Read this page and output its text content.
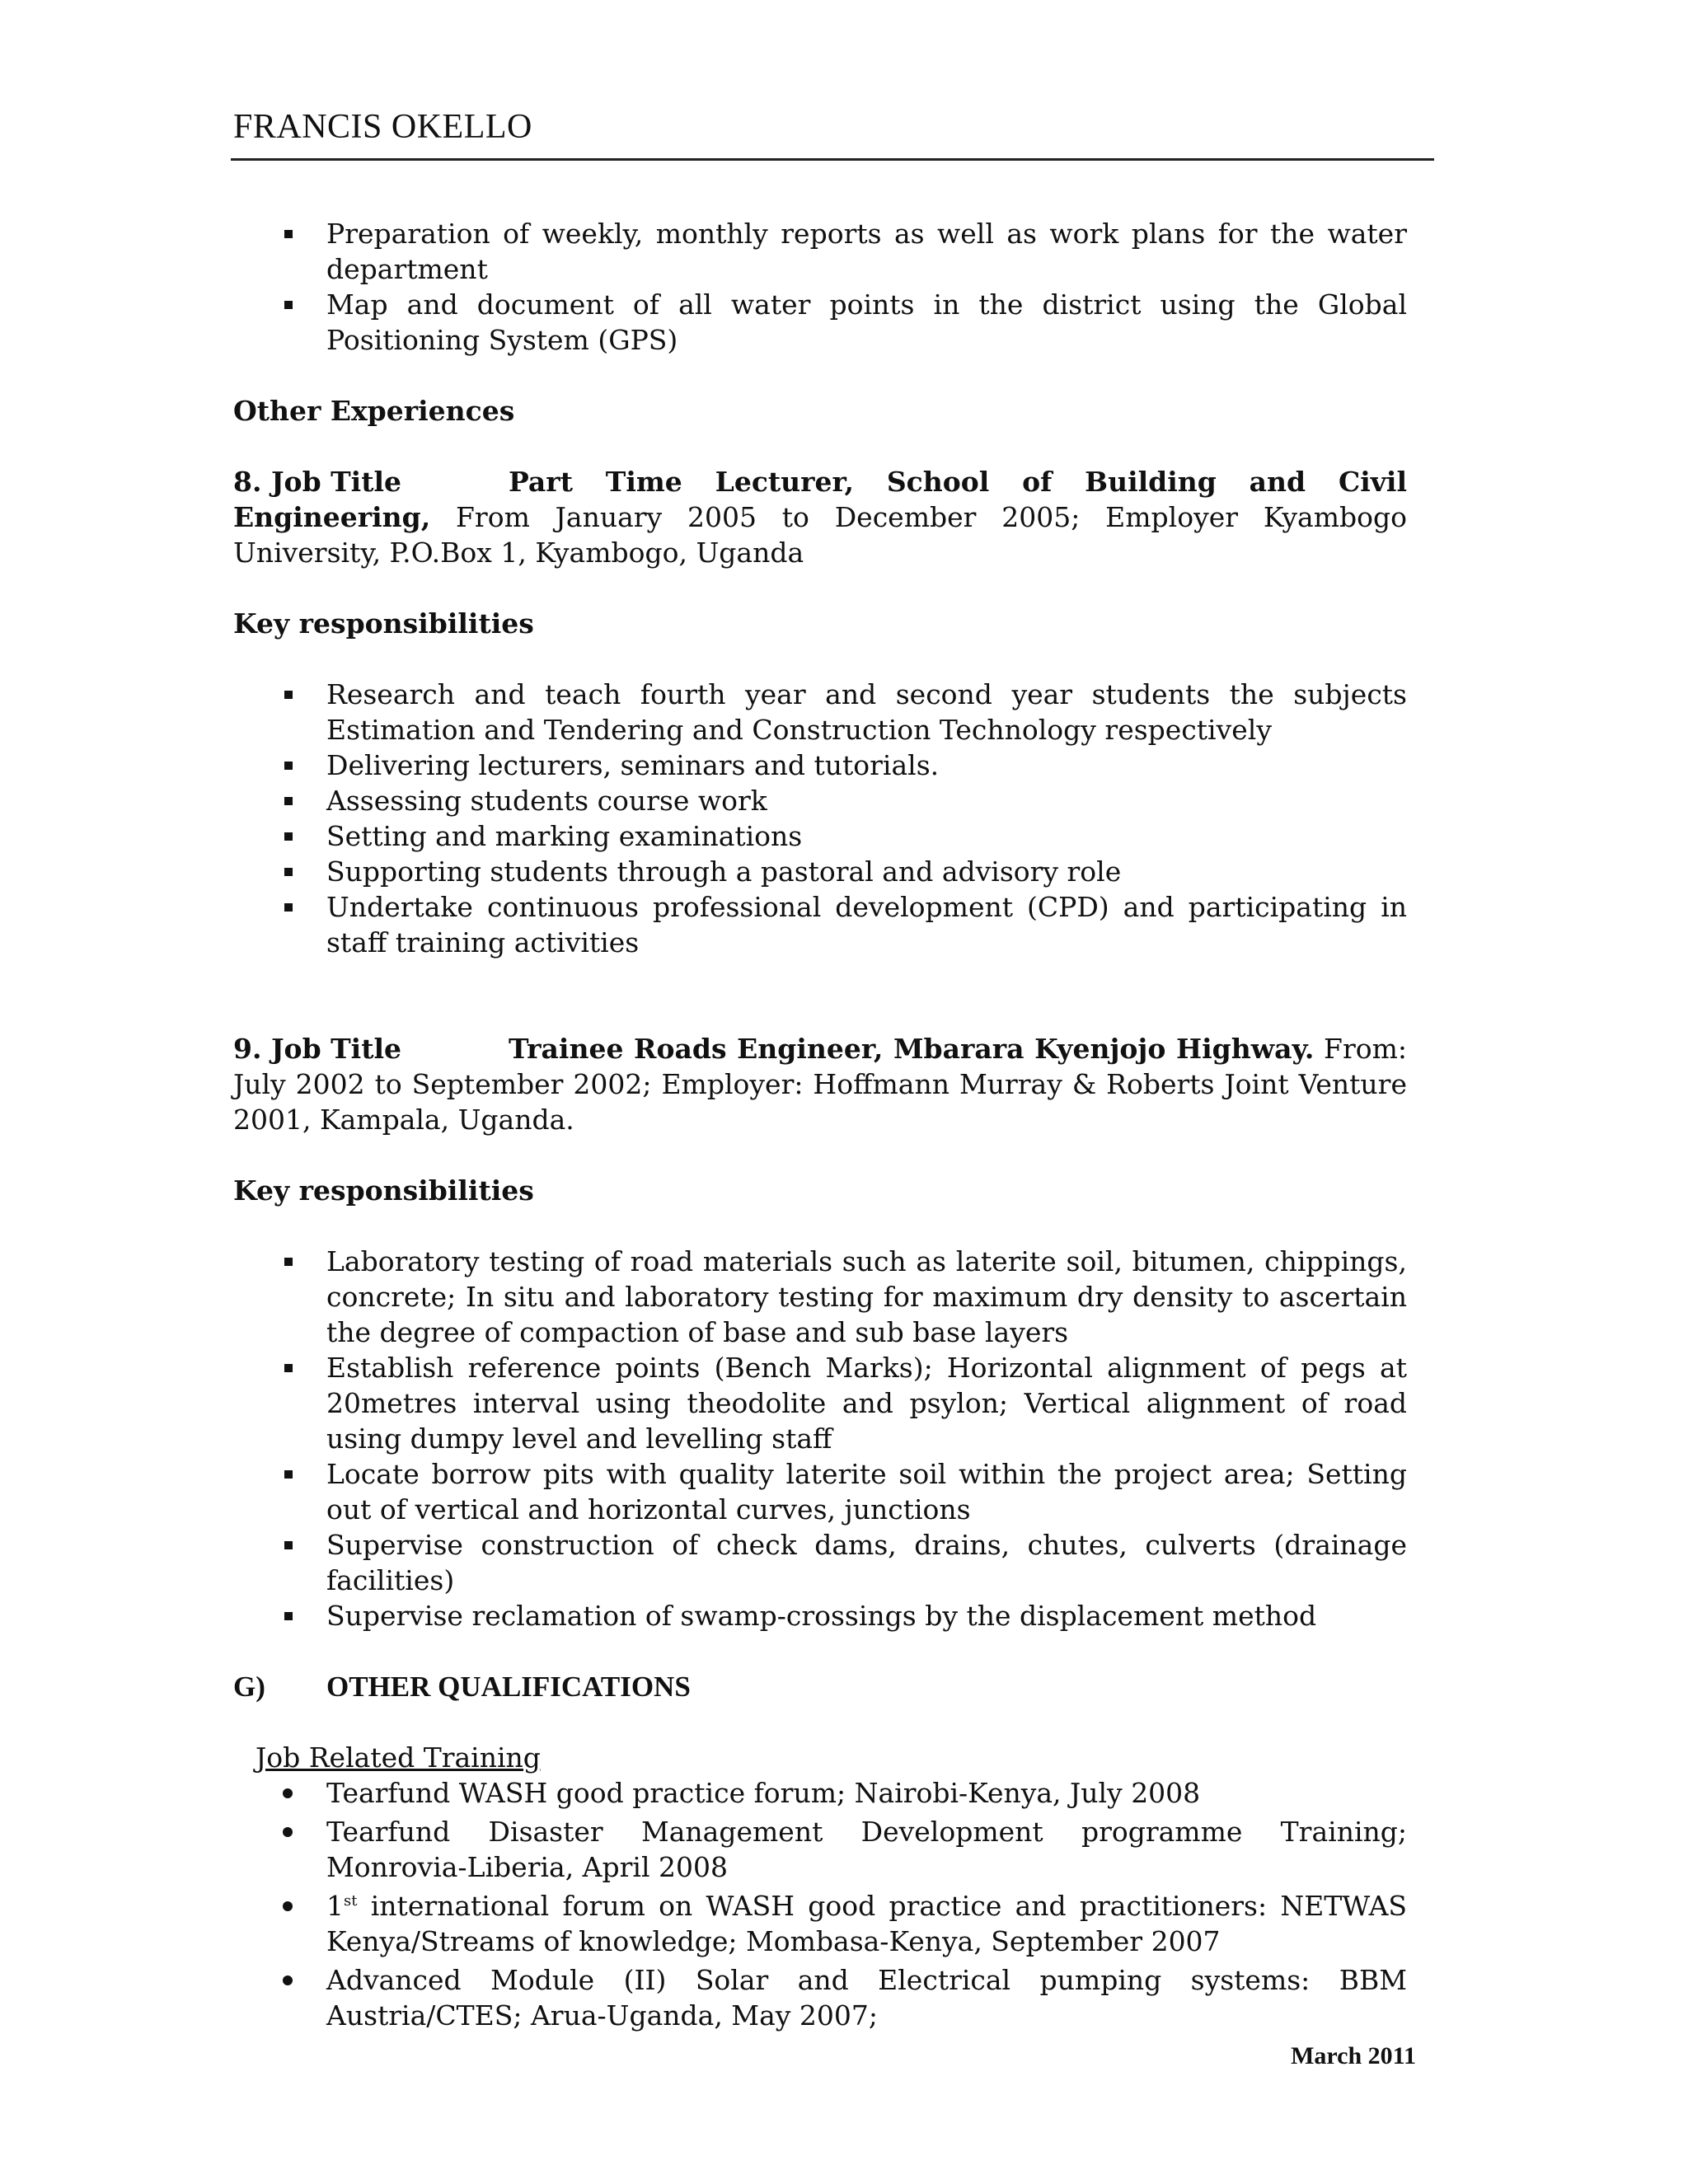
FRANCIS OKELLO
Preparation of weekly, monthly reports as well as work plans for the water department
Map and document of all water points in the district using the Global Positioning System (GPS)
Other Experiences
8. Job Title	Part Time Lecturer, School of Building and Civil Engineering, From January 2005 to December 2005; Employer Kyambogo University, P.O.Box 1, Kyambogo, Uganda
Key responsibilities
Research and teach fourth year and second year students the subjects Estimation and Tendering and Construction Technology respectively
Delivering lecturers, seminars and tutorials.
Assessing students course work
Setting and marking examinations
Supporting students through a pastoral and advisory role
Undertake continuous professional development (CPD) and participating in staff training activities
9. Job Title	Trainee Roads Engineer, Mbarara Kyenjojo Highway. From: July 2002 to September 2002; Employer: Hoffmann Murray & Roberts Joint Venture 2001, Kampala, Uganda.
Key responsibilities
Laboratory testing of road materials such as laterite soil, bitumen, chippings, concrete; In situ and laboratory testing for maximum dry density to ascertain the degree of compaction of base and sub base layers
Establish reference points (Bench Marks); Horizontal alignment of pegs at 20metres interval using theodolite and psylon; Vertical alignment of road using dumpy level and levelling staff
Locate borrow pits with quality laterite soil within the project area; Setting out of vertical and horizontal curves, junctions
Supervise construction of check dams, drains, chutes, culverts (drainage facilities)
Supervise reclamation of swamp-crossings by the displacement method
G)	OTHER QUALIFICATIONS
Job Related Training
Tearfund WASH good practice forum; Nairobi-Kenya, July 2008
Tearfund Disaster Management Development programme Training; Monrovia-Liberia, April 2008
1st international forum on WASH good practice and practitioners: NETWAS Kenya/Streams of knowledge; Mombasa-Kenya, September 2007
Advanced Module (II) Solar and Electrical pumping systems: BBM Austria/CTES; Arua-Uganda, May 2007;
March 2011
